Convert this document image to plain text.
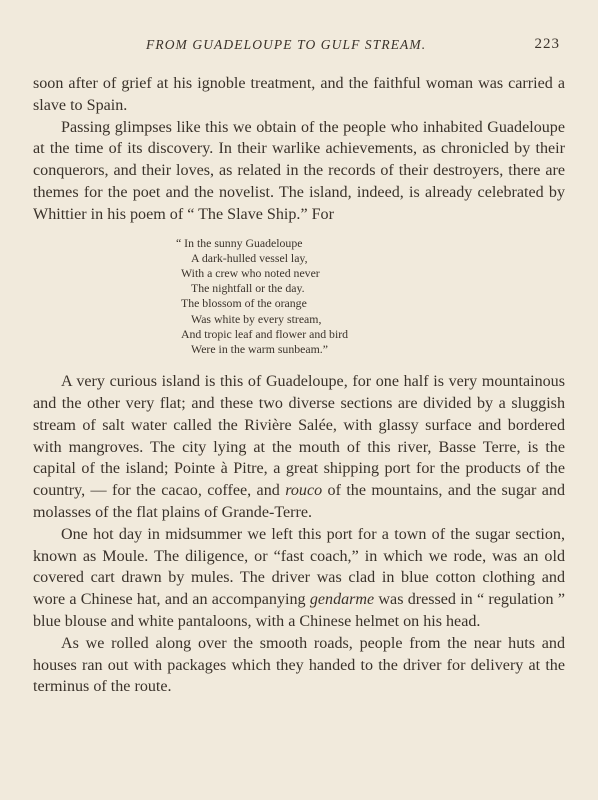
FROM GUADELOUPE TO GULF STREAM.	223

soon after of grief at his ignoble treatment, and the faithful woman was carried a slave to Spain.

Passing glimpses like this we obtain of the people who inhabited Guadeloupe at the time of its discovery. In their warlike achievements, as chronicled by their conquerors, and their loves, as related in the records of their destroyers, there are themes for the poet and the novelist. The island, indeed, is already celebrated by Whittier in his poem of “ The Slave Ship.” For

“ In the sunny Guadeloupe
A dark-hulled vessel lay,
With a crew who noted never
The nightfall or the day.
The blossom of the orange
Was white by every stream,
And tropic leaf and flower and bird
Were in the warm sunbeam.”

A very curious island is this of Guadeloupe, for one half is very mountainous and the other very flat; and these two diverse sections are divided by a sluggish stream of salt water called the Rivière Salée, with glassy surface and bordered with mangroves. The city lying at the mouth of this river, Basse Terre, is the capital of the island; Pointe à Pitre, a great shipping port for the products of the country, — for the cacao, coffee, and rouco of the mountains, and the sugar and molasses of the flat plains of Grande-Terre.

One hot day in midsummer we left this port for a town of the sugar section, known as Moule. The diligence, or “fast coach,” in which we rode, was an old covered cart drawn by mules. The driver was clad in blue cotton clothing and wore a Chinese hat, and an accompanying gendarme was dressed in “ regulation ” blue blouse and white pantaloons, with a Chinese helmet on his head.

As we rolled along over the smooth roads, people from the near huts and houses ran out with packages which they handed to the driver for delivery at the terminus of the route.
